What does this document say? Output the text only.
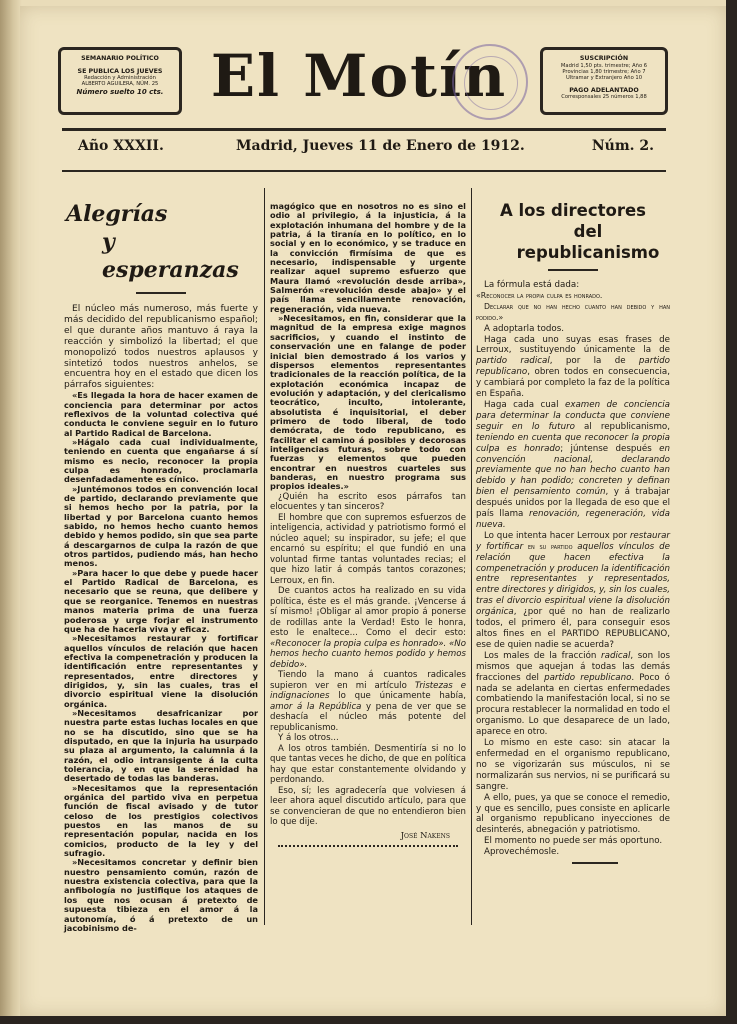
SEMANARIO POLÍTICO
SE PUBLICA LOS JUEVES
Redacción y Administración
ALBERTO AGUILERA, NÚM. 25
Número suelto 10 cts. El Motín	SUSCRIPCIÓN
Madrid 1,50 pts. trimestre; Año 6
Provincias 1,80 trimestre; Año 7
Ultramar y Extranjero Año 10
PAGO ADELANTADO
Corresponsales 25 números 1,88
Año XXXII.	Madrid, Jueves 11 de Enero de 1912.	Núm. 2.
Alegrías
y esperanzas

El núcleo más numeroso, más fuerte y más decidido del republicanismo español; el que durante años mantuvo á raya la reacción y simbolizó la libertad; el que monopolizó todos nuestros aplausos y sintetizó todos nuestros anhelos, se encuentra hoy en el estado que dicen los párrafos siguientes:

«Es llegada la hora de hacer examen de conciencia para determinar por actos reflexivos de la voluntad colectiva qué conducta le conviene seguir en lo futuro al Partido Radical de Barcelona.

»Hágalo cada cual individualmente, teniendo en cuenta que engañarse á sí mismo es necio, reconocer la propia culpa es honrado, proclamarla desenfadadamente es cínico.

»Juntémonos todos en convención local de partido, declarando previamente que si hemos hecho por la patria, por la libertad y por Barcelona cuanto hemos sabido, no hemos hecho cuanto hemos debido y hemos podido, sin que sea parte á descargarnos de culpa la razón de que otros partidos, pudiendo más, han hecho menos.

»Para hacer lo que debe y puede hacer el Partido Radical de Barcelona, es necesario que se reuna, que delibere y que se reorganice. Tenemos en nuestras manos materia prima de una fuerza poderosa y urge forjar el instrumento que ha de hacerla viva y eficaz.

»Necesitamos restaurar y fortificar aquellos vínculos de relación que hacen efectiva la compenetración y producen la identificación entre representantes y representados, entre directores y dirigidos, y, sin las cuales, tras el divorcio espiritual viene la disolución orgánica.

»Necesitamos desafricanizar por nuestra parte estas luchas locales en que no se ha discutido, sino que se ha disputado, en que la injuria ha usurpado su plaza al argumento, la calumnia á la razón, el odio intransigente á la culta tolerancia, y en que la serenidad ha desertado de todas las banderas.

»Necesitamos que la representación orgánica del partido viva en perpetua función de fiscal avisado y de tutor celoso de los prestigios colectivos puestos en las manos de su representación popular, nacida en los comicios, producto de la ley y del sufragio.

»Necesitamos concretar y definir bien nuestro pensamiento común, razón de nuestra existencia colectiva, para que la anfibología no justifique los ataques de los que nos ocusan á pretexto de supuesta tibieza en el amor á la autonomía, ó á pretexto de un jacobinismo de-

magógico que en nosotros no es sino el odio al privilegio, á la injusticia, á la explotación inhumana del hombre y de la patria, á la tiranía en lo político, en lo social y en lo económico, y se traduce en la convicción firmísima de que es necesario, indispensable y urgente realizar aquel supremo esfuerzo que Maura llamó «revolución desde arriba», Salmerón «revolución desde abajo» y el país llama sencillamente renovación, regeneración, vida nueva.

»Necesitamos, en fin, considerar que la magnitud de la empresa exige magnos sacrificios, y cuando el instinto de conservación une en falange de poder inicial bien demostrado á los varios y dispersos elementos representantes tradicionales de la reacción política, de la explotación económica incapaz de evolución y adaptación, y del clericalismo teocrático, inculto, intolerante, absolutista é inquisitorial, el deber primero de todo liberal, de todo demócrata, de todo republicano, es facilitar el camino á posibles y decorosas inteligencias futuras, sobre todo con fuerzas y elementos que pueden encontrar en nuestros cuarteles sus banderas, en nuestro programa sus propios ideales.»

¿Quién ha escrito esos párrafos tan elocuentes y tan sinceros?

El hombre que con supremos esfuerzos de inteligencia, actividad y patriotismo formó el núcleo aquel; su inspirador, su jefe; el que encarnó su espíritu; el que fundió en una voluntad firme tantas voluntades recias; el que hizo latir á compás tantos corazones; Lerroux, en fin.

De cuantos actos ha realizado en su vida política, éste es el más grande. ¡Vencerse á sí mismo! ¡Obligar al amor propio á ponerse de rodillas ante la Verdad! Esto le honra, esto le enaltece... Como el decir esto: «Reconocer la propia culpa es honrado». «No hemos hecho cuanto hemos podido y hemos debido».

Tiendo la mano á cuantos radicales supieron ver en mi artículo Tristezas e indignaciones lo que únicamente había, amor á la República y pena de ver que se deshacía el núcleo más potente del republicanismo.

Y á los otros...

A los otros también. Desmentiría si no lo que tantas veces he dicho, de que en política hay que estar constantemente olvidando y perdonando.

Eso, sí; les agradecería que volviesen á leer ahora aquel discutido artículo, para que se convencieran de que no entendieron bien lo que dije.

José Nakens

A los directores
del republicanismo

La fórmula está dada:

«Reconocer la propia culpa es honrado.

Declarar que no han hecho cuanto han debido y han podido.»

A adoptarla todos.

Haga cada uno suyas esas frases de Lerroux, sustituyendo únicamente la de partido radical, por la de partido republicano, obren todos en consecuencia, y cambiará por completo la faz de la política en España.

Haga cada cual examen de conciencia para determinar la conducta que conviene seguir en lo futuro al republicanismo, teniendo en cuenta que reconocer la propia culpa es honrado; júntense después en convención nacional, declarando previamente que no han hecho cuanto han debido y han podido; concreten y definan bien el pensamiento común, y á trabajar después unidos por la llegada de eso que el país llama renovación, regeneración, vida nueva.

Lo que intenta hacer Lerroux por restaurar y fortificar en su partido aquellos vínculos de relación que hacen efectiva la compenetración y producen la identificación entre representantes y representados, entre directores y dirigidos, y, sin los cuales, tras el divorcio espiritual viene la disolución orgánica, ¿por qué no han de realizarlo todos, el primero él, para conseguir esos altos fines en el PARTIDO REPUBLICANO, ese de quien nadie se acuerda?

Los males de la fracción radical, son los mismos que aquejan á todas las demás fracciones del partido republicano. Poco ó nada se adelanta en ciertas enfermedades combatiendo la manifestación local, si no se procura restablecer la normalidad en todo el organismo. Lo que desaparece de un lado, aparece en otro.

Lo mismo en este caso: sin atacar la enfermedad en el organismo republicano, no se vigorizarán sus músculos, ni se normalizarán sus nervios, ni se purificará su sangre.

A ello, pues, ya que se conoce el remedio, y que es sencillo, pues consiste en aplicarle al organismo republicano inyecciones de desinterés, abnegación y patriotismo.

El momento no puede ser más oportuno.

Aprovechémosle.
